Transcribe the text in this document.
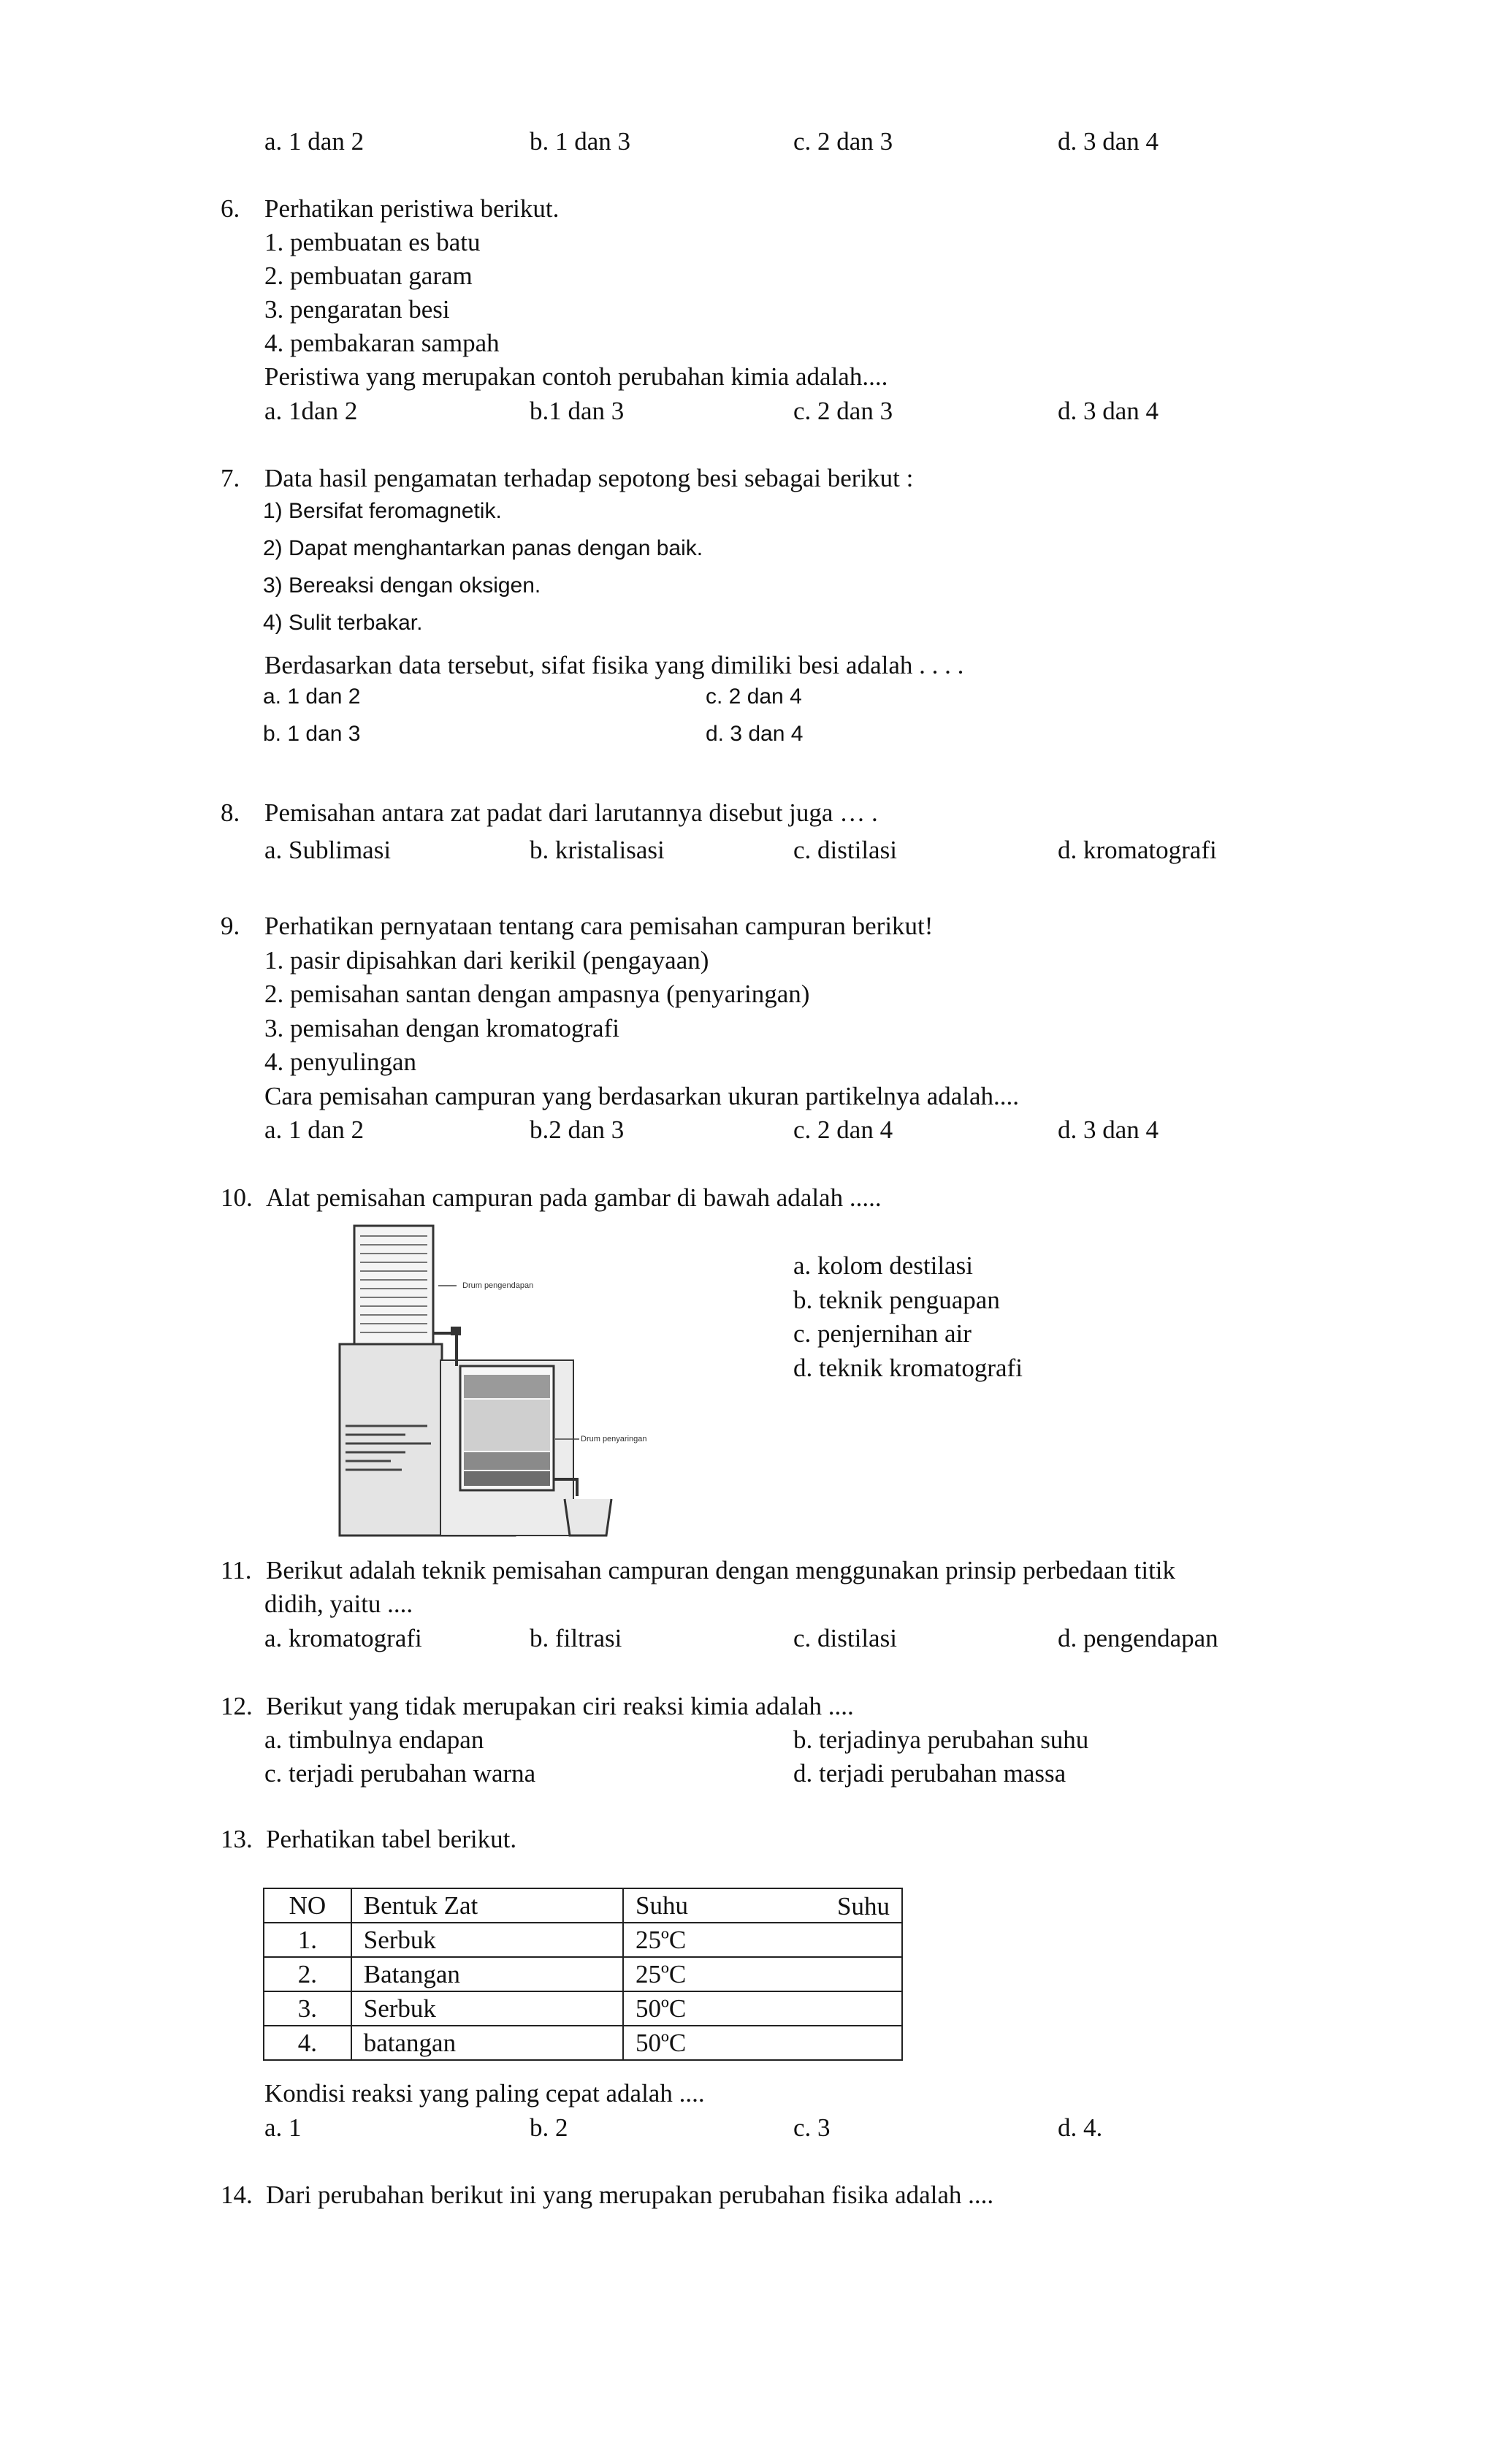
a. 1 dan 2	b. 1 dan 3	c. 2 dan 3	d. 3 dan 4
6. Perhatikan peristiwa berikut.
1. pembuatan es batu
2. pembuatan garam
3. pengaratan besi
4. pembakaran sampah
Peristiwa yang merupakan contoh perubahan kimia adalah....
a. 1dan 2	b.1 dan 3	c. 2 dan 3	d. 3 dan 4
7. Data hasil pengamatan terhadap sepotong besi sebagai berikut :
1) Bersifat feromagnetik.
2) Dapat menghantarkan panas dengan baik.
3) Bereaksi dengan oksigen.
4) Sulit terbakar.
Berdasarkan data tersebut, sifat fisika yang dimiliki besi adalah . . . .
a. 1 dan 2	c. 2 dan 4
b. 1 dan 3	d. 3 dan 4
8. Pemisahan antara zat padat dari larutannya disebut juga … .
a. Sublimasi	b. kristalisasi	c. distilasi	d. kromatografi
9. Perhatikan pernyataan tentang cara pemisahan campuran berikut!
1. pasir dipisahkan dari kerikil (pengayaan)
2. pemisahan santan dengan ampasnya (penyaringan)
3. pemisahan dengan kromatografi
4. penyulingan
Cara pemisahan campuran yang berdasarkan ukuran partikelnya adalah....
a. 1 dan 2	b.2 dan 3	c. 2 dan 4	d. 3 dan 4
10. Alat pemisahan campuran pada gambar di bawah adalah .....
Drum pengendapan
Drum penyaringan
a. kolom destilasi
b. teknik penguapan
c. penjernihan air
d. teknik kromatografi
11. Berikut adalah teknik pemisahan campuran dengan menggunakan prinsip perbedaan titik
didih, yaitu ....
a. kromatografi	b. filtrasi	c. distilasi	d. pengendapan
12. Berikut yang tidak merupakan ciri reaksi kimia adalah ....
a. timbulnya endapan	b. terjadinya perubahan suhu
c. terjadi perubahan warna	d. terjadi perubahan massa
13. Perhatikan tabel berikut.
NO	Bentuk Zat	Suhu Suhu

1.	Serbuk	25ºC
2.	Batangan	25ºC
3.	Serbuk	50ºC
4.	batangan	50ºC
Kondisi reaksi yang paling cepat adalah ....
a. 1	b. 2	c. 3	d. 4.
14. Dari perubahan berikut ini yang merupakan perubahan fisika adalah ....
